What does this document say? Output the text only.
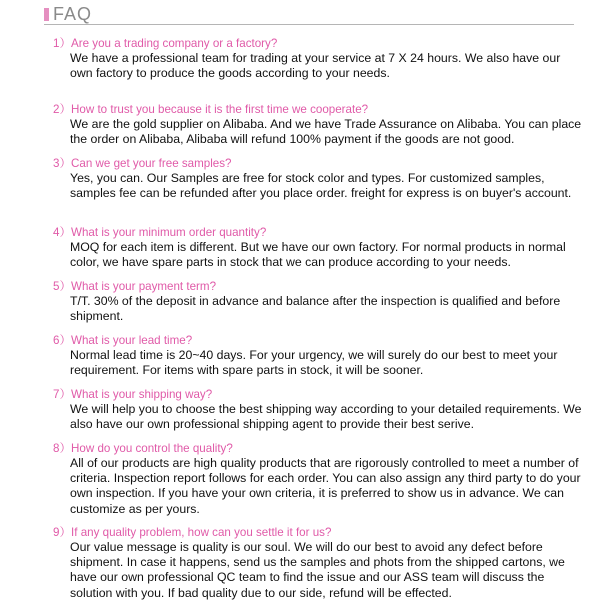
FAQ
1）Are you a trading company or a factory?
We have a professional team for trading at your service at 7 X 24 hours. We also have our own factory to produce the goods according to your needs.
2）How to trust you because it is the first time we cooperate?
We are the gold supplier on Alibaba. And we have Trade Assurance on Alibaba. You can place the order on Alibaba, Alibaba will refund 100% payment if the goods are not good.
3）Can we get your free samples?
Yes, you can. Our Samples are free for stock color and types. For customized samples, samples fee can be refunded after you place order. freight for express is on buyer's account.
4）What is your minimum order quantity?
MOQ for each item is different. But we have our own factory. For normal products in normal color, we have spare parts in stock that we can produce according to your needs.
5）What is your payment term?
T/T. 30% of the deposit in advance and balance after the inspection is qualified and before shipment.
6）What is your lead time?
Normal lead time is 20~40 days. For your urgency, we will surely do our best to meet your requirement. For items with spare parts in stock, it will be sooner.
7）What is your shipping way?
We will help you to choose the best shipping way according to your detailed requirements. We also have our own professional shipping agent to provide their best serive.
8）How do you control the quality?
All of our products are high quality products that are rigorously controlled to meet a number of criteria. Inspection report follows for each order. You can also assign any third party to do your own inspection. If you have your own criteria, it is preferred to show us in advance. We can customize as per yours.
9）If any quality problem, how can you settle it for us?
Our value message is quality is our soul. We will do our best to avoid any defect before shipment. In case it happens, send us the samples and phots from the shipped cartons, we have our own professional QC team to find the issue and our ASS team will discuss the solution with you. If bad quality due to our side, refund will be effected.
